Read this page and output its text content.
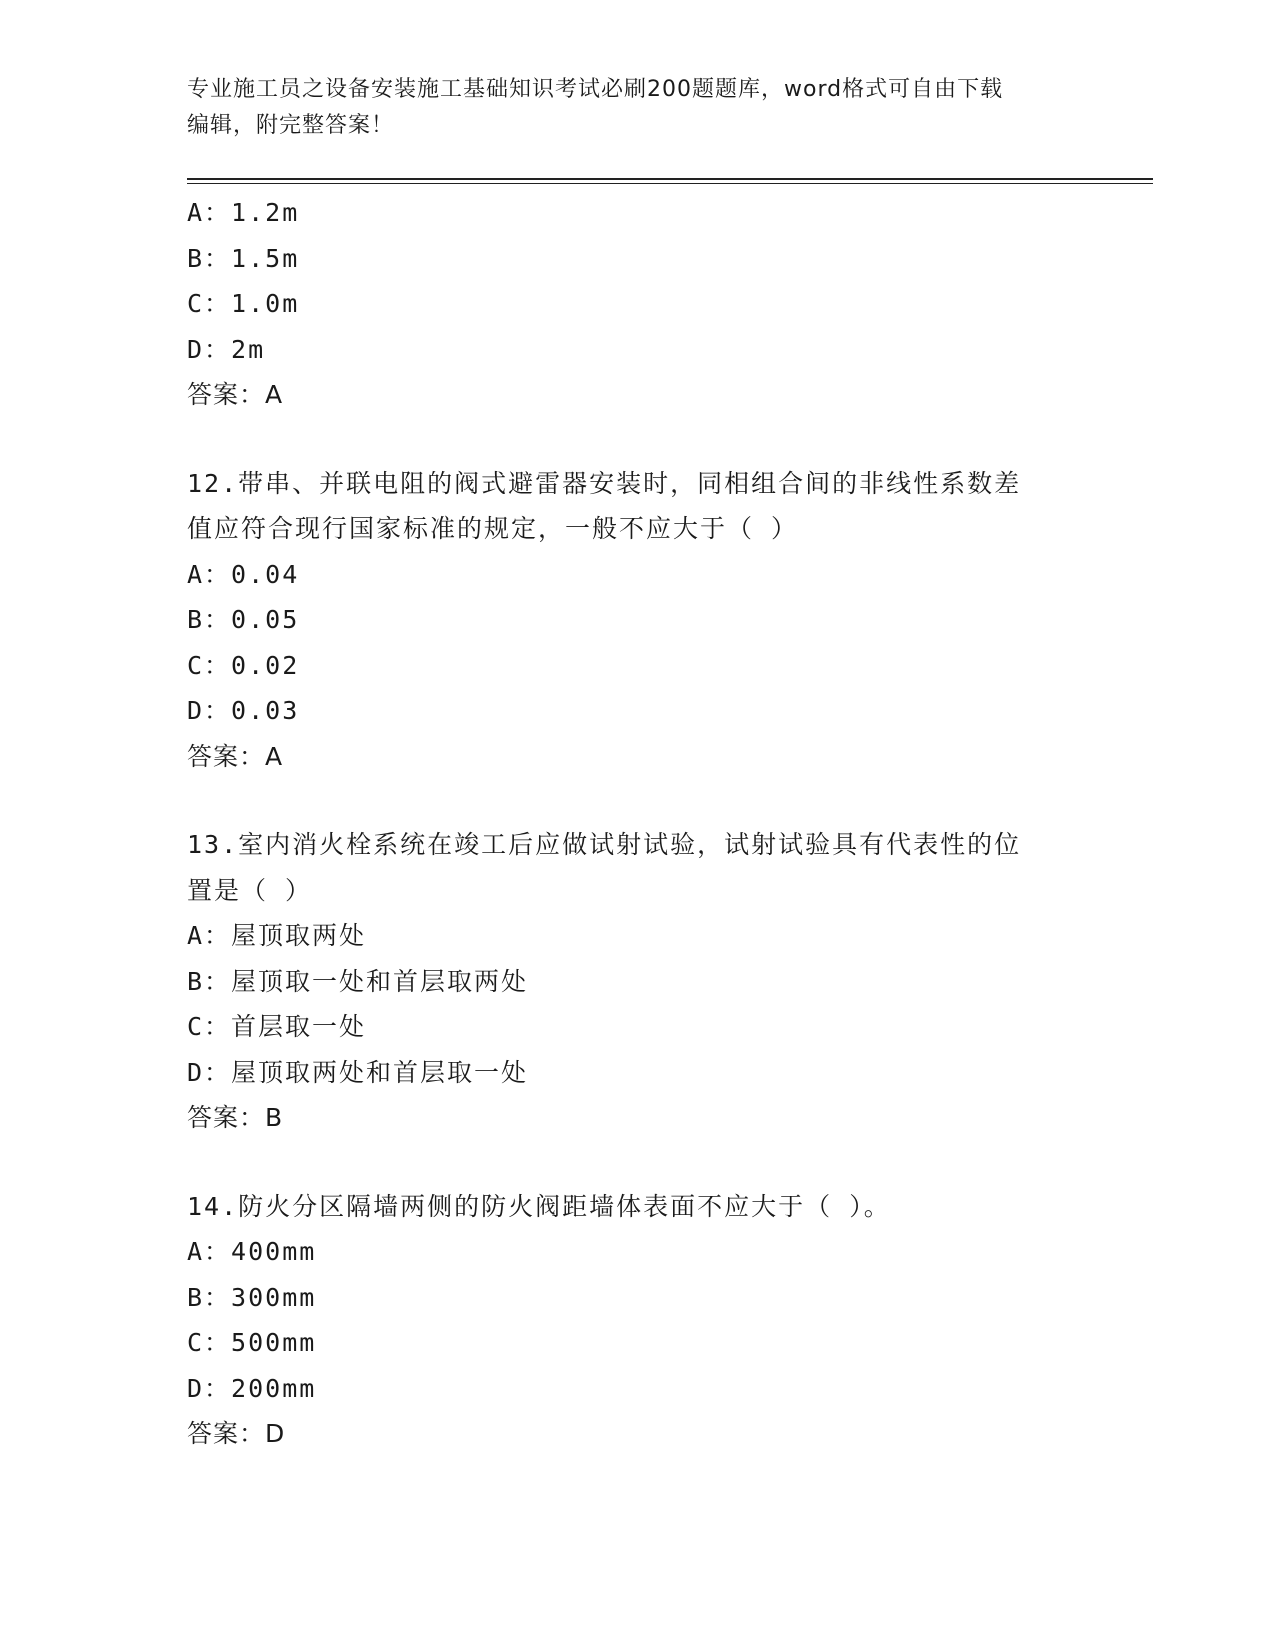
专业施工员之设备安装施工基础知识考试必刷200题题库，word格式可自由下载
编辑，附完整答案！

A：1.2m

B：1.5m

C：1.0m

D：2m

答案：A

12.带串、并联电阻的阀式避雷器安装时，同相组合间的非线性系数差

值应符合现行国家标准的规定，一般不应大于（ ）

A：0.04

B：0.05

C：0.02

D：0.03

答案：A

13.室内消火栓系统在竣工后应做试射试验，试射试验具有代表性的位

置是（ ）

A：屋顶取两处

B：屋顶取一处和首层取两处

C：首层取一处

D：屋顶取两处和首层取一处

答案：B

14.防火分区隔墙两侧的防火阀距墙体表面不应大于（ ）。

A：400mm

B：300mm

C：500mm

D：200mm

答案：D
